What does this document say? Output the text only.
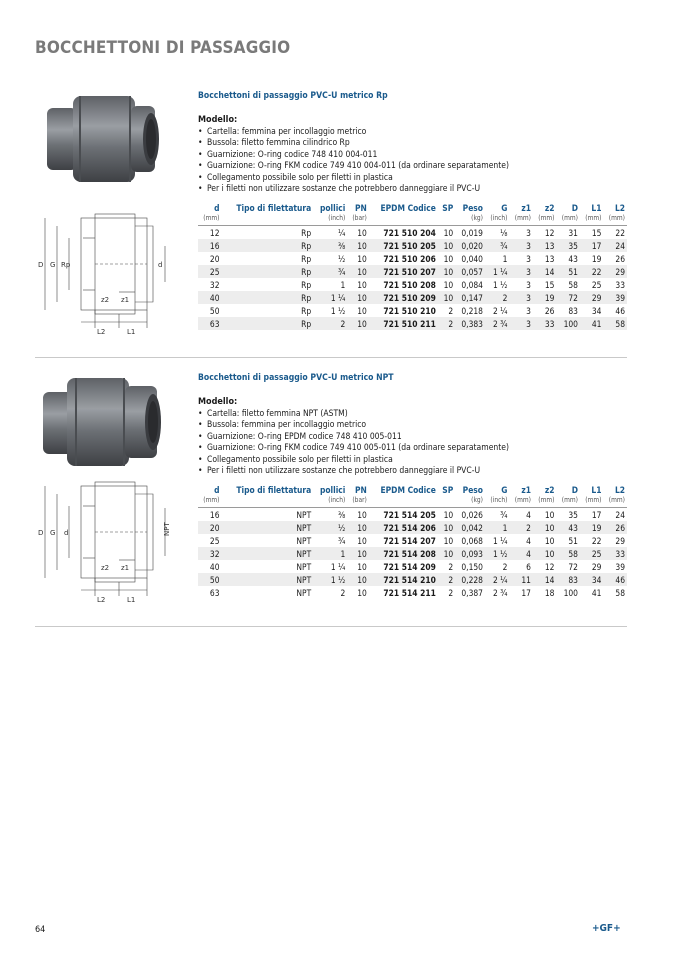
BOCCHETTONI DI PASSAGGIO
D G Rp	d
z2 z1
L2	L1
Bocchettoni di passaggio PVC-U metrico Rp
Modello:
• Cartella: femmina per incollaggio metrico
• Bussola: filetto femmina cilindrico Rp
• Guarnizione: O-ring codice 748 410 004-011
• Guarnizione: O-ring FKM codice 749 410 004-011 (da ordinare separatamente)
• Collegamento possibile solo per filetti in plastica
• Per i filetti non utilizzare sostanze che potrebbero danneggiare il PVC-U
d	Tipo di filettatura	pollici	PN	EPDM Codice	SP	Peso	G	z1	z2	D	L1	L2
(mm)		(inch)	(bar)			(kg)	(inch)	(mm)	(mm)	(mm)	(mm)	(mm)
12	Rp	¼	10	721 510 204	10	0,019	⅛	3	12	31	15	22
16	Rp	⅜	10	721 510 205	10	0,020	¾	3	13	35	17	24
20	Rp	½	10	721 510 206	10	0,040	1	3	13	43	19	26
25	Rp	¾	10	721 510 207	10	0,057	1 ¼	3	14	51	22	29
32	Rp	1	10	721 510 208	10	0,084	1 ½	3	15	58	25	33
40	Rp	1 ¼	10	721 510 209	10	0,147	2	3	19	72	29	39
50	Rp	1 ½	10	721 510 210	2	0,218	2 ¼	3	26	83	34	46
63	Rp	2	10	721 510 211	2	0,383	2 ¾	3	33	100	41	58
D G d	NPT
z2 z1
L2	L1
Bocchettoni di passaggio PVC-U metrico NPT
Modello:
• Cartella: filetto femmina NPT (ASTM)
• Bussola: femmina per incollaggio metrico
• Guarnizione: O-ring EPDM codice 748 410 005-011
• Guarnizione: O-ring FKM codice 749 410 005-011 (da ordinare separatamente)
• Collegamento possibile solo per filetti in plastica
• Per i filetti non utilizzare sostanze che potrebbero danneggiare il PVC-U
d	Tipo di filettatura	pollici	PN	EPDM Codice	SP	Peso	G	z1	z2	D	L1	L2
(mm)		(inch)	(bar)			(kg)	(inch)	(mm)	(mm)	(mm)	(mm)	(mm)
16	NPT	⅜	10	721 514 205	10	0,026	¾	4	10	35	17	24
20	NPT	½	10	721 514 206	10	0,042	1	2	10	43	19	26
25	NPT	¾	10	721 514 207	10	0,068	1 ¼	4	10	51	22	29
32	NPT	1	10	721 514 208	10	0,093	1 ½	4	10	58	25	33
40	NPT	1 ¼	10	721 514 209	2	0,150	2	6	12	72	29	39
50	NPT	1 ½	10	721 514 210	2	0,228	2 ¼	11	14	83	34	46
63	NPT	2	10	721 514 211	2	0,387	2 ¾	17	18	100	41	58
64	+GF+
